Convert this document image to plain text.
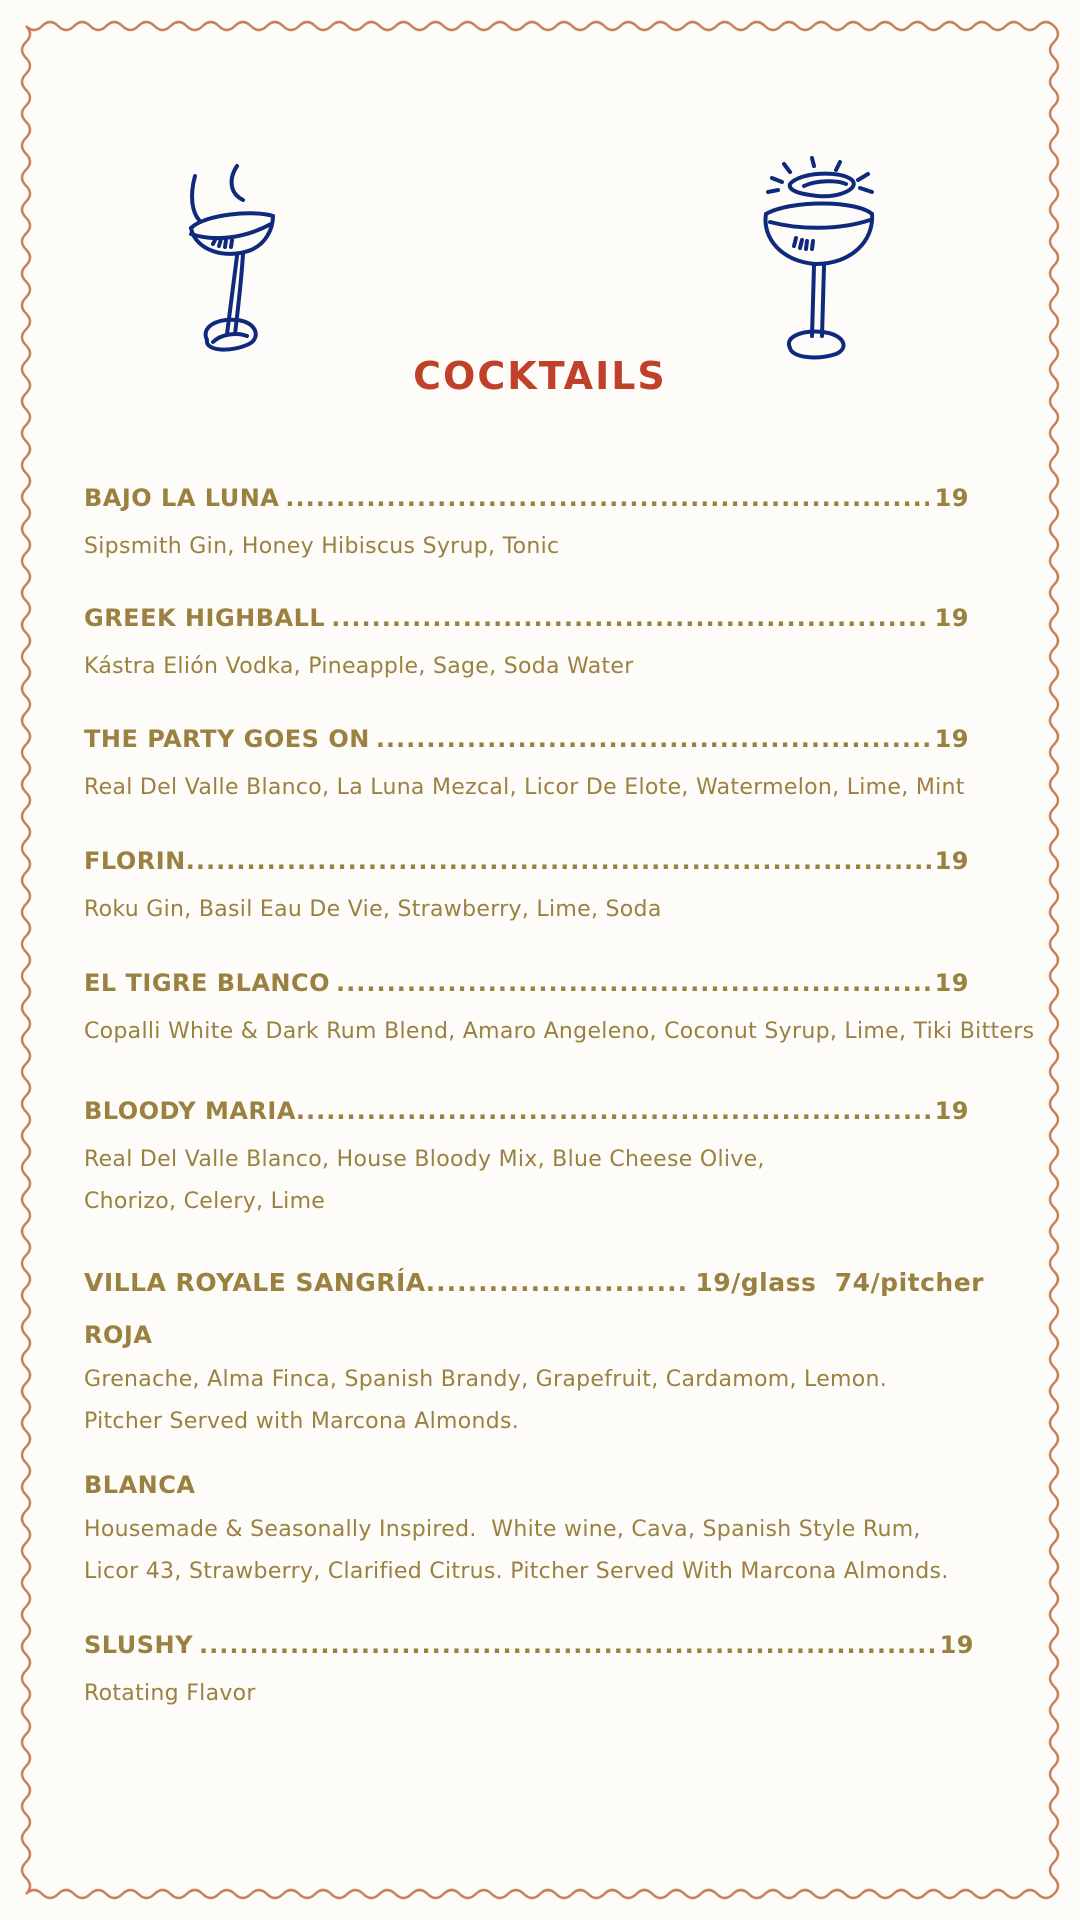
COCKTAILS
BAJO LA LUNA .....	19
Sipsmith Gin, Honey Hibiscus Syrup, Tonic
GREEK HIGHBALL .....	19
Kástra Elión Vodka, Pineapple, Sage, Soda Water
THE PARTY GOES ON .....	19
Real Del Valle Blanco, La Luna Mezcal, Licor De Elote, Watermelon, Lime, Mint
FLORIN .....	19
Roku Gin, Basil Eau De Vie, Strawberry, Lime, Soda
EL TIGRE BLANCO .....	19
Copalli White & Dark Rum Blend, Amaro Angeleno, Coconut Syrup, Lime, Tiki Bitters
BLOODY MARIA .....	19
Real Del Valle Blanco, House Bloody Mix, Blue Cheese Olive,
Chorizo, Celery, Lime
VILLA ROYALE SANGRÍA .....	19/glass  74/pitcher
ROJA
Grenache, Alma Finca, Spanish Brandy, Grapefruit, Cardamom, Lemon.
Pitcher Served with Marcona Almonds.
BLANCA
Housemade & Seasonally Inspired.  White wine, Cava, Spanish Style Rum,
Licor 43, Strawberry, Clarified Citrus. Pitcher Served With Marcona Almonds.
SLUSHY .....	19
Rotating Flavor
